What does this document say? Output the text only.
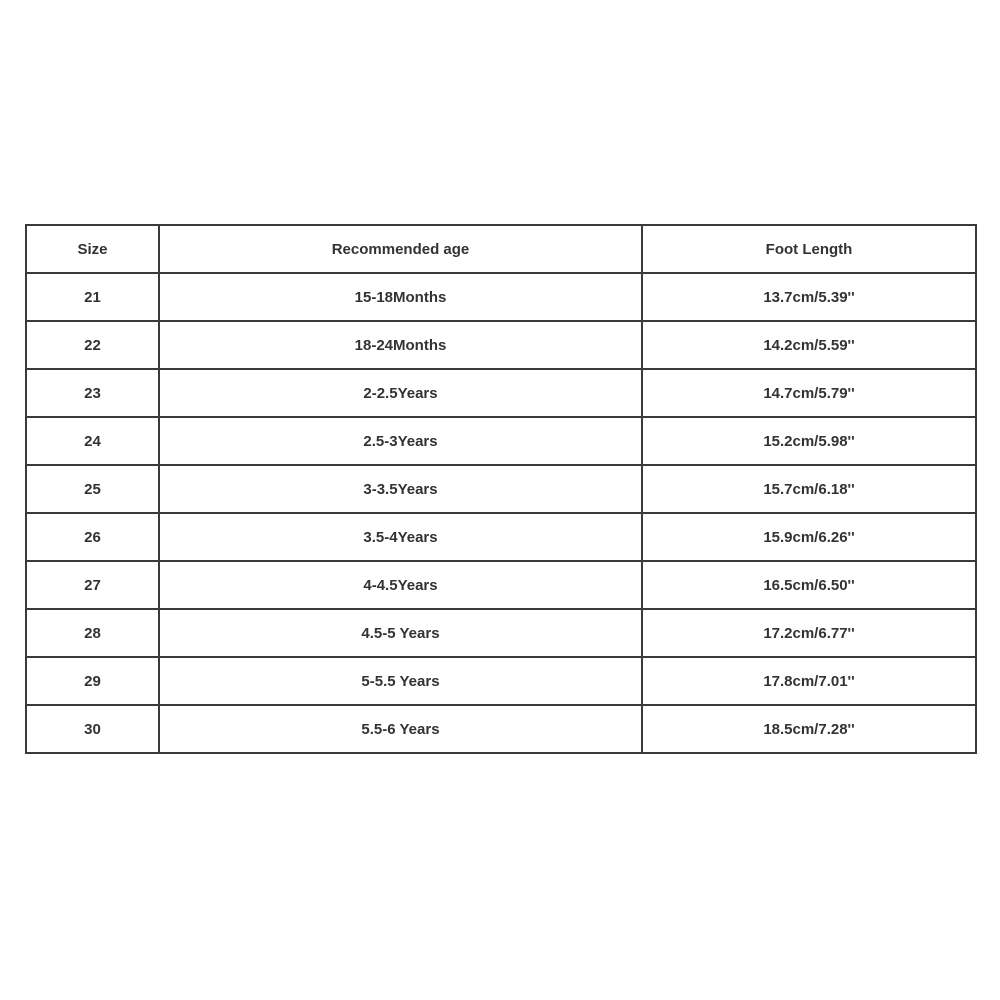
Size	Recommended age	Foot Length
21	15-18Months	13.7cm/5.39''
22	18-24Months	14.2cm/5.59''
23	2-2.5Years	14.7cm/5.79''
24	2.5-3Years	15.2cm/5.98''
25	3-3.5Years	15.7cm/6.18''
26	3.5-4Years	15.9cm/6.26''
27	4-4.5Years	16.5cm/6.50''
28	4.5-5 Years	17.2cm/6.77''
29	5-5.5 Years	17.8cm/7.01''
30	5.5-6 Years	18.5cm/7.28''
